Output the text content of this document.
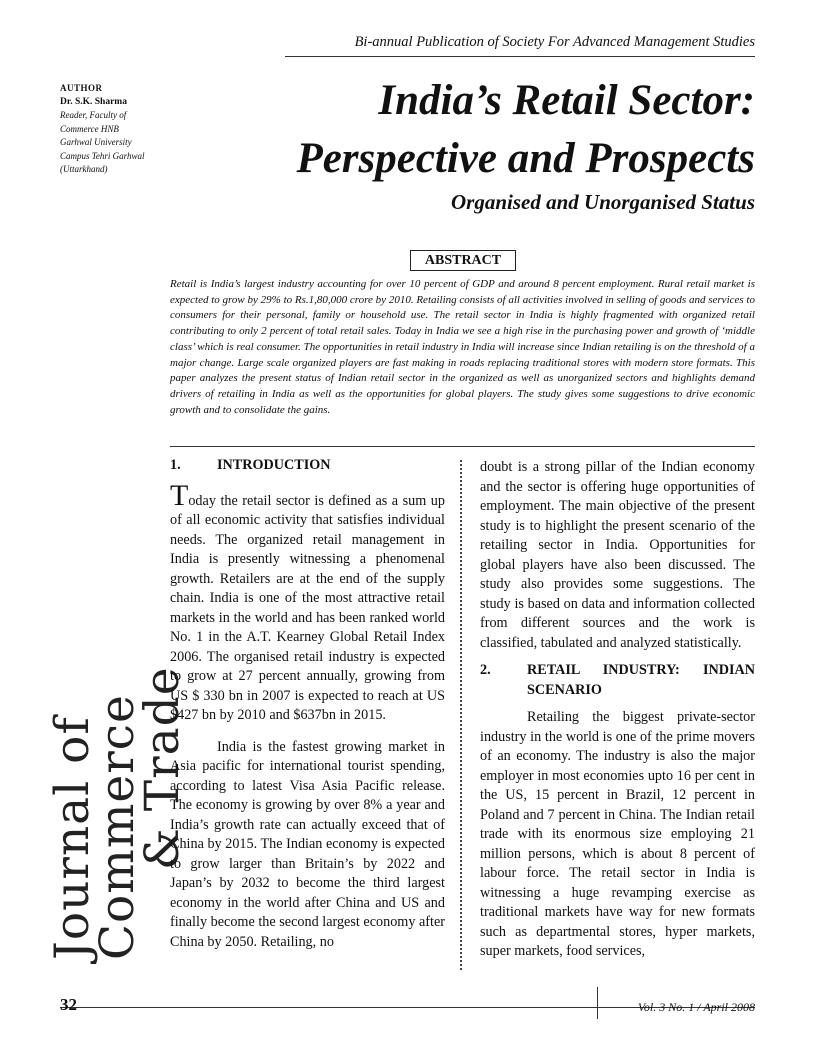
Bi-annual Publication of Society For Advanced Management Studies
AUTHOR
Dr. S.K. Sharma
Reader, Faculty of
Commerce HNB
Garhwal University
Campus Tehri Garhwal
(Uttarkhand)
India’s Retail Sector:
Perspective and Prospects
Organised and Unorganised Status
ABSTRACT
Retail is India’s largest industry accounting for over 10 percent of GDP and around 8 percent employment. Rural retail market is expected to grow by 29% to Rs.1,80,000 crore by 2010. Retailing consists of all activities involved in selling of goods and services to consumers for their personal, family or household use. The retail sector in India is highly fragmented with organized retail contributing to only 2 percent of total retail sales. Today in India we see a high rise in the purchasing power and growth of ‘middle class’ which is real consumer. The opportunities in retail industry in India will increase since Indian retailing is on the threshold of a major change. Large scale organized players are fast making in roads replacing traditional stores with modern store formats. This paper analyzes the present status of Indian retail sector in the organized as well as unorganized sectors and highlights demand drivers of retailing in India as well as the opportunities for global players. The study gives some suggestions to drive economic growth and to consolidate the gains.
Journal of
Commerce
& Trade
1.	INTRODUCTION

Today the retail sector is defined as a sum up of all economic activity that satisfies individual needs. The organized retail management in India is presently witnessing a phenomenal growth. Retailers are at the end of the supply chain. India is one of the most attractive retail markets in the world and has been ranked world No. 1 in the A.T. Kearney Global Retail Index 2006. The organised retail industry is expected to grow at 27 percent annually, growing from US $ 330 bn in 2007 is expected to reach at US $427 bn by 2010 and $637bn in 2015.

India is the fastest growing market in Asia pacific for international tourist spending, according to latest Visa Asia Pacific release. The economy is growing by over 8% a year and India’s growth rate can actually exceed that of China by 2015. The Indian economy is expected to grow larger than Britain’s by 2022 and Japan’s by 2032 to become the third largest economy in the world after China and US and finally become the second largest economy after China by 2050. Retailing, no

doubt is a strong pillar of the Indian economy and the sector is offering huge opportunities of employment. The main objective of the present study is to highlight the present scenario of the retailing sector in India. Opportunities for global players have also been discussed. The study also provides some suggestions. The study is based on data and information collected from different sources and the work is classified, tabulated and analyzed statistically.

2.	RETAIL INDUSTRY: INDIAN SCENARIO

Retailing the biggest private-sector industry in the world is one of the prime movers of an economy. The industry is also the major employer in most economies upto 16 per cent in the US, 15 percent in Brazil, 12 percent in Poland and 7 percent in China. The Indian retail trade with its enormous size employing 21 million persons, which is about 8 percent of labour force. The retail sector in India is witnessing a huge revamping exercise as traditional markets have way for new formats such as departmental stores, hyper markets, super markets, food services,

32	Vol. 3 No. 1 / April 2008
